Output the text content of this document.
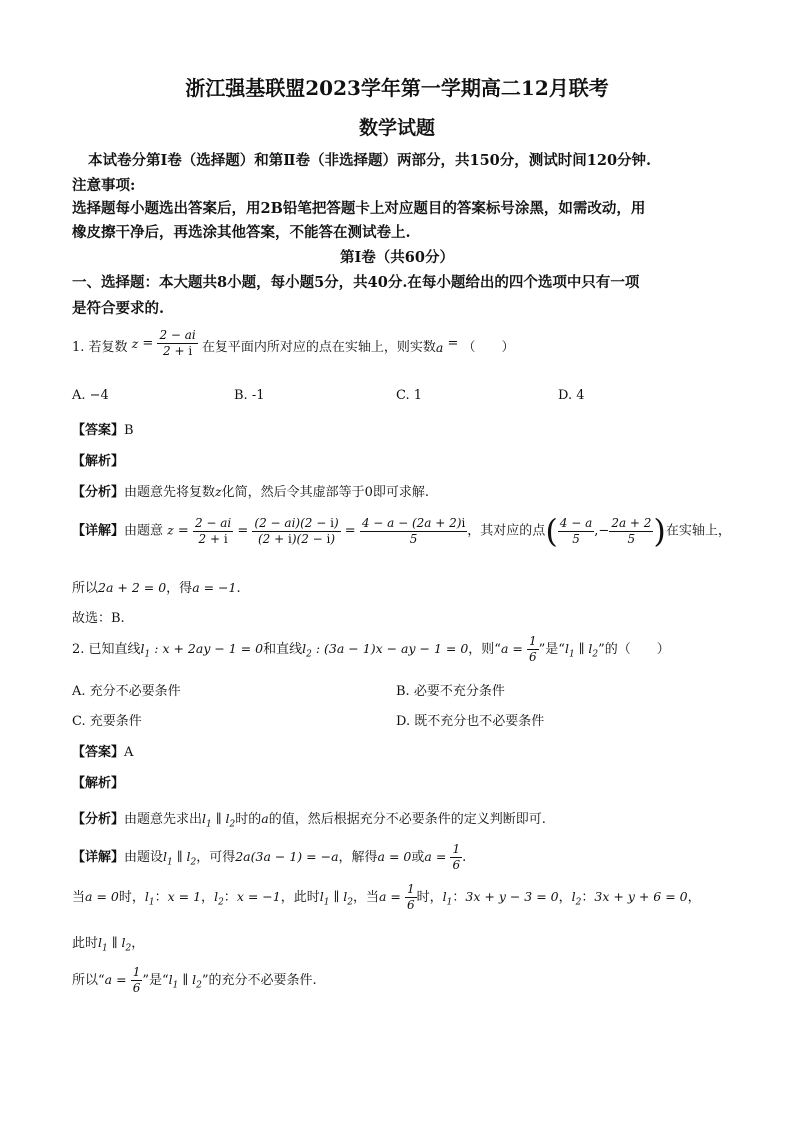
浙江强基联盟2023学年第一学期高二12月联考
数学试题
本试卷分第Ⅰ卷（选择题）和第Ⅱ卷（非选择题）两部分，共150分，测试时间120分钟.
注意事项:
选择题每小题选出答案后，用2B铅笔把答题卡上对应题目的答案标号涂黑，如需改动，用
橡皮擦干净后，再选涂其他答案，不能答在测试卷上.
第Ⅰ卷（共60分）
一、选择题：本大题共8小题，每小题5分，共40分.在每小题给出的四个选项中只有一项
是符合要求的.
1. 若复数 $z = \frac{2 - ai}{2 + i}$ 在复平面内所对应的点在实轴上，则实数a = （　　）
A. −4	B. -1	C. 1	D. 4
【答案】B
【解析】
【分析】由题意先将复数z化简，然后令其虚部等于0即可求解.
【详解】由题意 $z = \frac{2 - ai}{2 + i} = \frac{(2 - ai)(2 - i)}{(2 + i)(2 - i)} = \frac{4 - a - (2a + 2)i}{5}$ ，其对应的点( $\frac{4 - a}{5}$ ,− $\frac{2a + 2}{5}$ )在实轴上，
所以2a + 2 = 0，得a = −1.
故选：B.
2. 已知直线$l_1$ : x + 2ay − 1 = 0和直线$l_2$ : (3a − 1)x − ay − 1 = 0，则“$a = \frac{1}{6}$ ”是“$l_1$ ∥ $l_2$”的（　　）
A. 充分不必要条件	B. 必要不充分条件
C. 充要条件	D. 既不充分也不必要条件
【答案】A
【解析】
【分析】由题意先求出$l_1$ ∥ $l_2$时的a的值，然后根据充分不必要条件的定义判断即可.
【详解】由题设$l_1$ ∥ $l_2$，可得2a(3a − 1) = −a，解得a = 0或$a = \frac{1}{6}$ .
当a = 0时，$l_1$：x = 1，$l_2$：x = −1，此时$l_1$ ∥ $l_2$，当$a = \frac{1}{6}$ 时，$l_1$：3x + y − 3 = 0，$l_2$：3x + y + 6 = 0，
此时$l_1$ ∥ $l_2$，
所以“$a = \frac{1}{6}$ ”是“$l_1$ ∥ $l_2$”的充分不必要条件.
